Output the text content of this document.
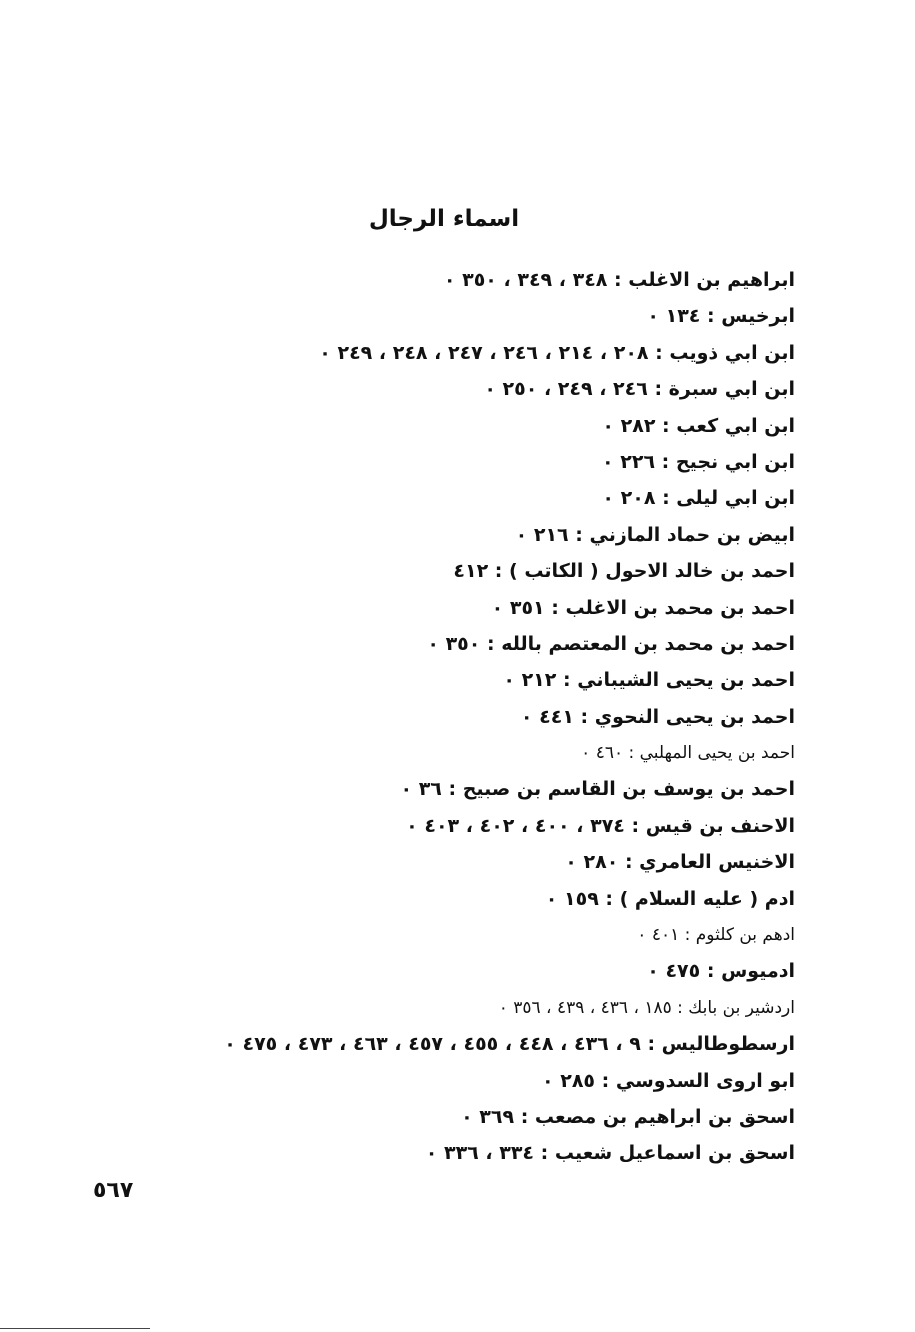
اسماء الرجال
ابراهيم بن الاغلب : ٣٤٨ ، ٣٤٩ ، ٣٥٠ ٠
ابرخيس : ١٣٤ ٠
ابن ابي ذويب : ٢٠٨ ، ٢١٤ ، ٢٤٦ ، ٢٤٧ ، ٢٤٨ ، ٢٤٩ ٠
ابن ابي سبرة : ٢٤٦ ، ٢٤٩ ، ٢٥٠ ٠
ابن ابي كعب : ٢٨٢ ٠
ابن ابي نجيح : ٢٢٦ ٠
ابن ابي ليلى : ٢٠٨ ٠
ابيض بن حماد المازني : ٢١٦ ٠
احمد بن خالد الاحول ( الكاتب ) : ٤١٢
احمد بن محمد بن الاغلب : ٣٥١ ٠
احمد بن محمد بن المعتصم بالله : ٣٥٠ ٠
احمد بن يحيى الشيباني : ٢١٢ ٠
احمد بن يحيى النحوي : ٤٤١ ٠
احمد بن يحيى المهلبي : ٤٦٠ ٠
احمد بن يوسف بن القاسم بن صبيح : ٣٦ ٠
الاحنف بن قيس : ٣٧٤ ، ٤٠٠ ، ٤٠٢ ، ٤٠٣ ٠
الاخنيس العامري : ٢٨٠ ٠
ادم ( عليه السلام ) : ١٥٩ ٠
ادهم بن كلثوم : ٤٠١ ٠
ادميوس : ٤٧٥ ٠
اردشير بن بابك : ١٨٥ ، ٤٣٦ ، ٤٣٩ ، ٣٥٦ ٠
ارسطوطاليس : ٩ ، ٤٣٦ ، ٤٤٨ ، ٤٥٥ ، ٤٥٧ ، ٤٦٣ ، ٤٧٣ ، ٤٧٥ ٠
ابو اروى السدوسي : ٢٨٥ ٠
اسحق بن ابراهيم بن مصعب : ٣٦٩ ٠
اسحق بن اسماعيل شعيب : ٣٣٤ ، ٣٣٦ ٠
٥٦٧
